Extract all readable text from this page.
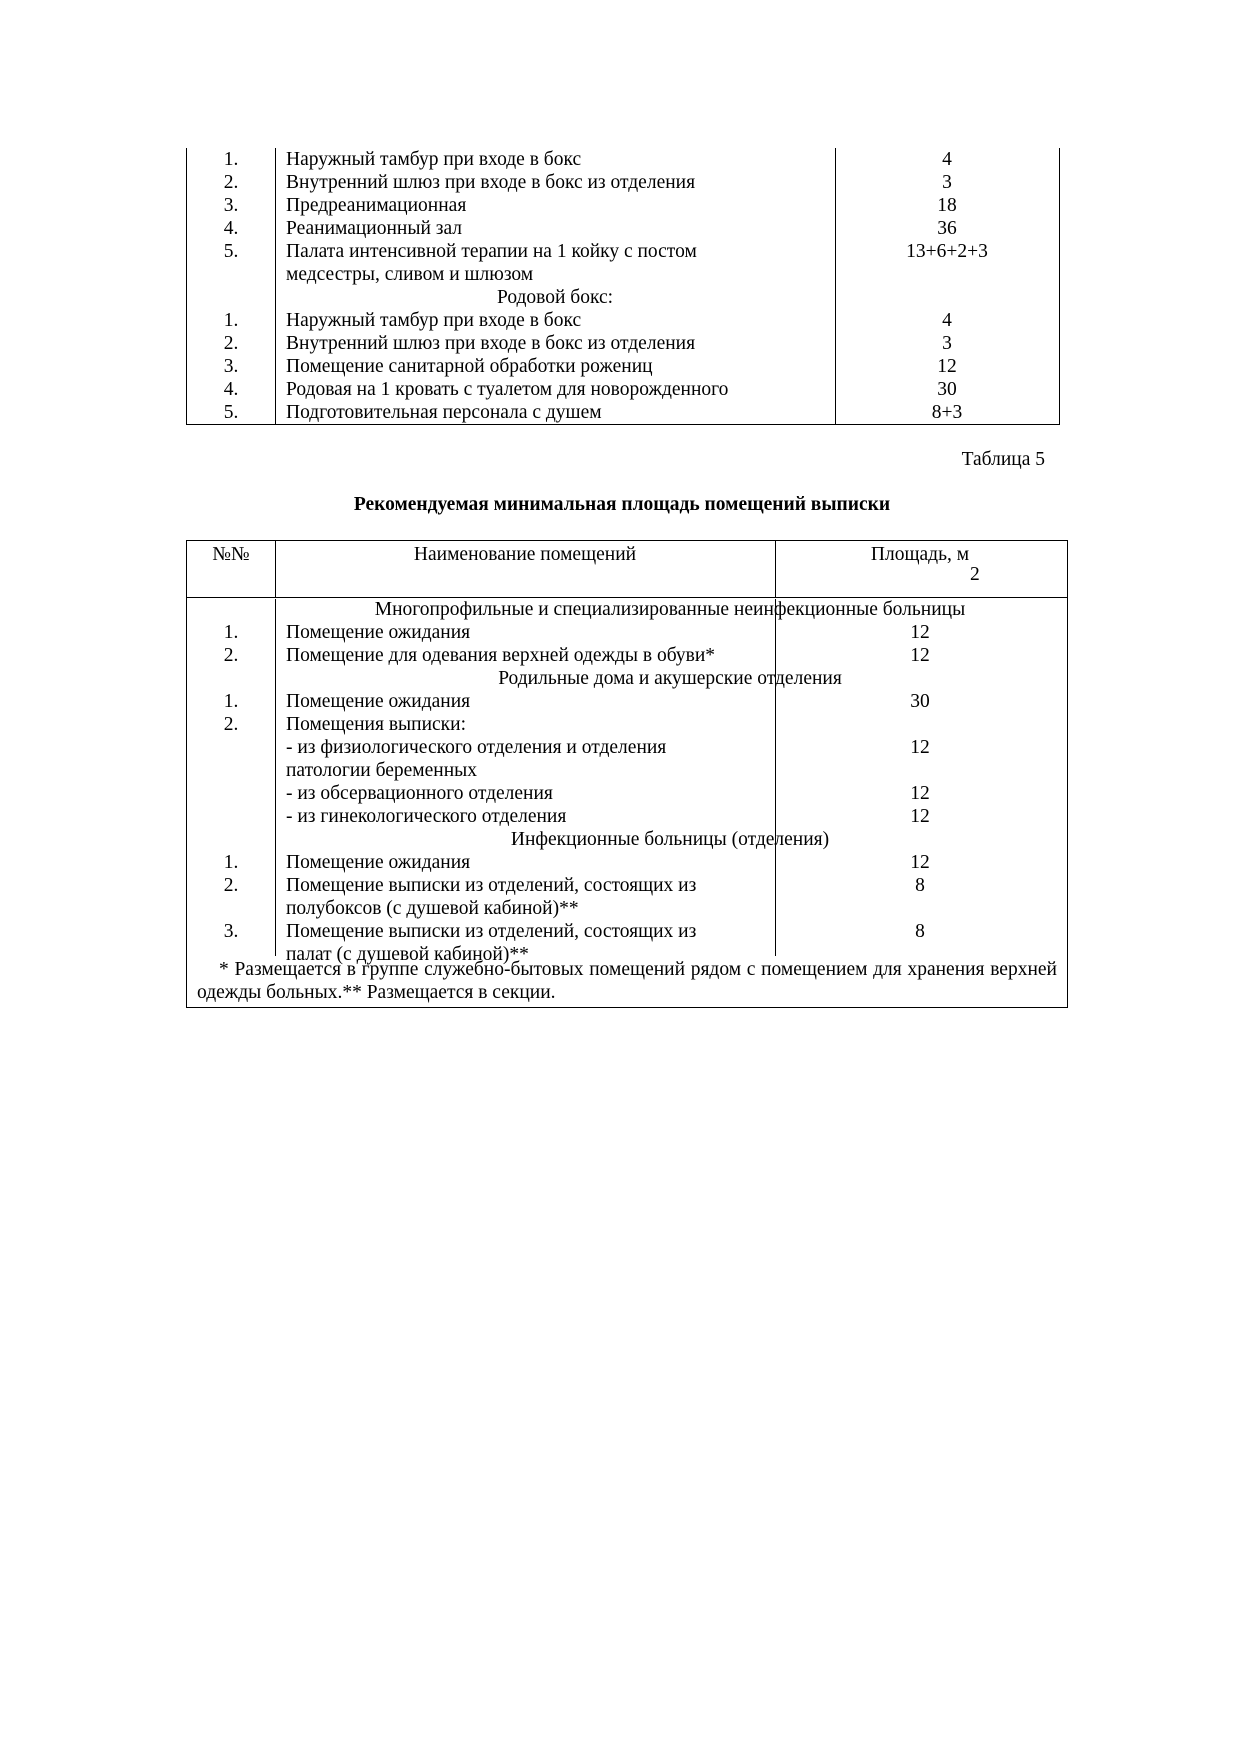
1.	Наружный тамбур при входе в бокс	4
2.	Внутренний шлюз при входе в бокс из отделения	3
3.	Предреанимационная	18
4.	Реанимационный зал	36
5.	Палата интенсивной терапии на 1 койку с постом	13+6+2+3
медсестры, сливом и шлюзом
Родовой бокс:
1.	Наружный тамбур при входе в бокс	4
2.	Внутренний шлюз при входе в бокс из отделения	3
3.	Помещение санитарной обработки рожениц	12
4.	Родовая на 1 кровать с туалетом для новорожденного	30
5.	Подготовительная персонала с душем	8+3
Таблица 5
Рекомендуемая минимальная площадь помещений выписки
№№	Наименование помещений	Площадь, м
2
* Размещается в группе служебно-бытовых помещений рядом с помещением для хранения верхней одежды больных.** Размещается в секции.
Многопрофильные и специализированные неинфекционные больницы
1.	Помещение ожидания	12
2.	Помещение для одевания верхней одежды в обуви*	12
Родильные дома и акушерские отделения
1.	Помещение ожидания	30
2.	Помещения выписки:
- из физиологического отделения и отделения	12
патологии беременных
- из обсервационного отделения	12
- из гинекологического отделения	12
Инфекционные больницы (отделения)
1.	Помещение ожидания	12
2.	Помещение выписки из отделений, состоящих из	8
полубоксов (с душевой кабиной)**
3.	Помещение выписки из отделений, состоящих из	8
палат (с душевой кабиной)**
